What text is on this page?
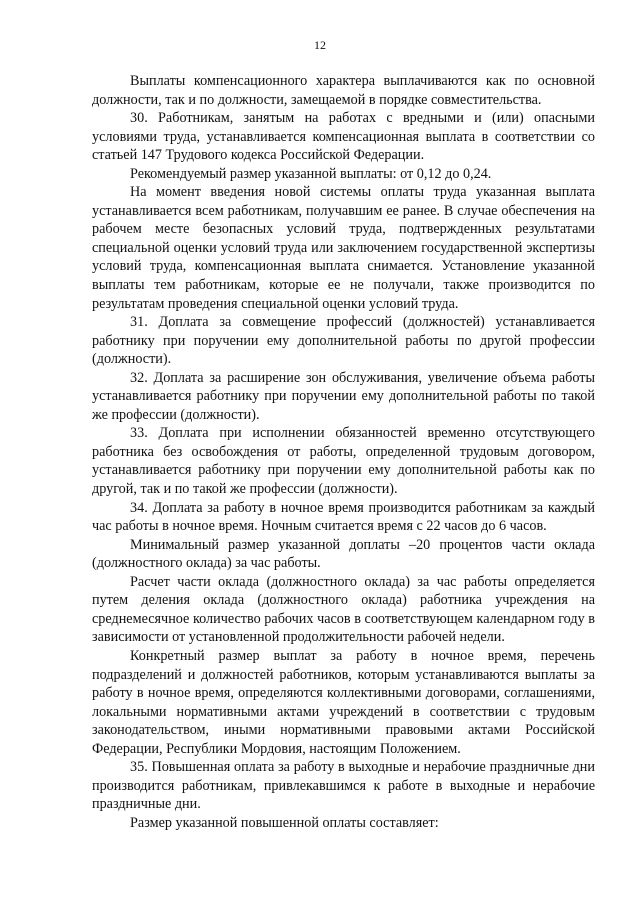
12

Выплаты компенсационного характера выплачиваются как по основной должности, так и по должности, замещаемой в порядке совместительства.

30. Работникам, занятым на работах с вредными и (или) опасными условиями труда, устанавливается компенсационная выплата в соответствии со статьей 147 Трудового кодекса Российской Федерации.

Рекомендуемый размер указанной выплаты: от 0,12 до 0,24.

На момент введения новой системы оплаты труда указанная выплата устанавливается всем работникам, получавшим ее ранее. В случае обеспечения на рабочем месте безопасных условий труда, подтвержденных результатами специальной оценки условий труда или заключением государственной экспертизы условий труда, компенсационная выплата снимается. Установление указанной выплаты тем работникам, которые ее не получали, также производится по результатам проведения специальной оценки условий труда.

31. Доплата за совмещение профессий (должностей) устанавливается работнику при поручении ему дополнительной работы по другой профессии (должности).

32. Доплата за расширение зон обслуживания, увеличение объема работы устанавливается работнику при поручении ему дополнительной работы по такой же профессии (должности).

33. Доплата при исполнении обязанностей временно отсутствующего работника без освобождения от работы, определенной трудовым договором, устанавливается работнику при поручении ему дополнительной работы как по другой, так и по такой же профессии (должности).

34. Доплата за работу в ночное время производится работникам за каждый час работы в ночное время. Ночным считается время с 22 часов до 6 часов.

Минимальный размер указанной доплаты –20 процентов части оклада (должностного оклада) за час работы.

Расчет части оклада (должностного оклада) за час работы определяется путем деления оклада (должностного оклада) работника учреждения на среднемесячное количество рабочих часов в соответствующем календарном году в зависимости от установленной продолжительности рабочей недели.

Конкретный размер выплат за работу в ночное время, перечень подразделений и должностей работников, которым устанавливаются выплаты за работу в ночное время, определяются коллективными договорами, соглашениями, локальными нормативными актами учреждений в соответствии с трудовым законодательством, иными нормативными правовыми актами Российской Федерации, Республики Мордовия, настоящим Положением.

35. Повышенная оплата за работу в выходные и нерабочие праздничные дни производится работникам, привлекавшимся к работе в выходные и нерабочие праздничные дни.

Размер указанной повышенной оплаты составляет:
